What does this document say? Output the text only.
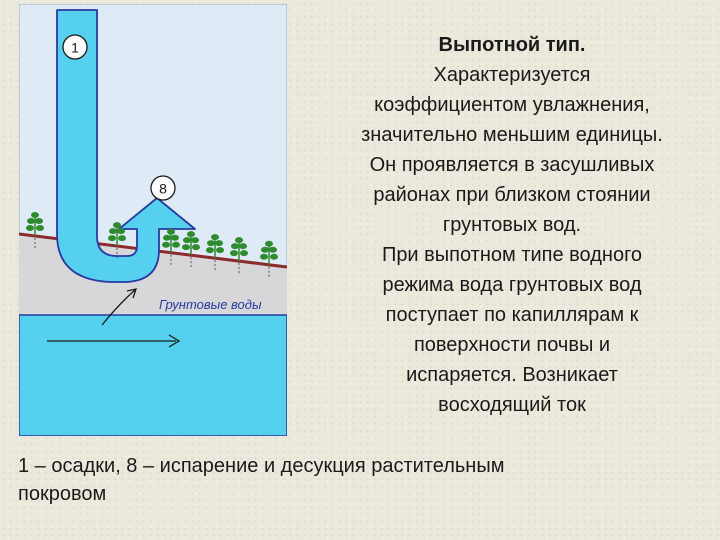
1
8
Грунтовые воды
Выпотной тип.
Характеризуется
коэффициентом увлажнения,
значительно меньшим единицы.
Он проявляется в засушливых
районах при близком стоянии
грунтовых вод.
При выпотном типе водного
режима вода грунтовых вод
поступает по капиллярам к
поверхности почвы и
испаряется. Возникает
восходящий ток
1 – осадки, 8 – испарение и десукция растительным
покровом
